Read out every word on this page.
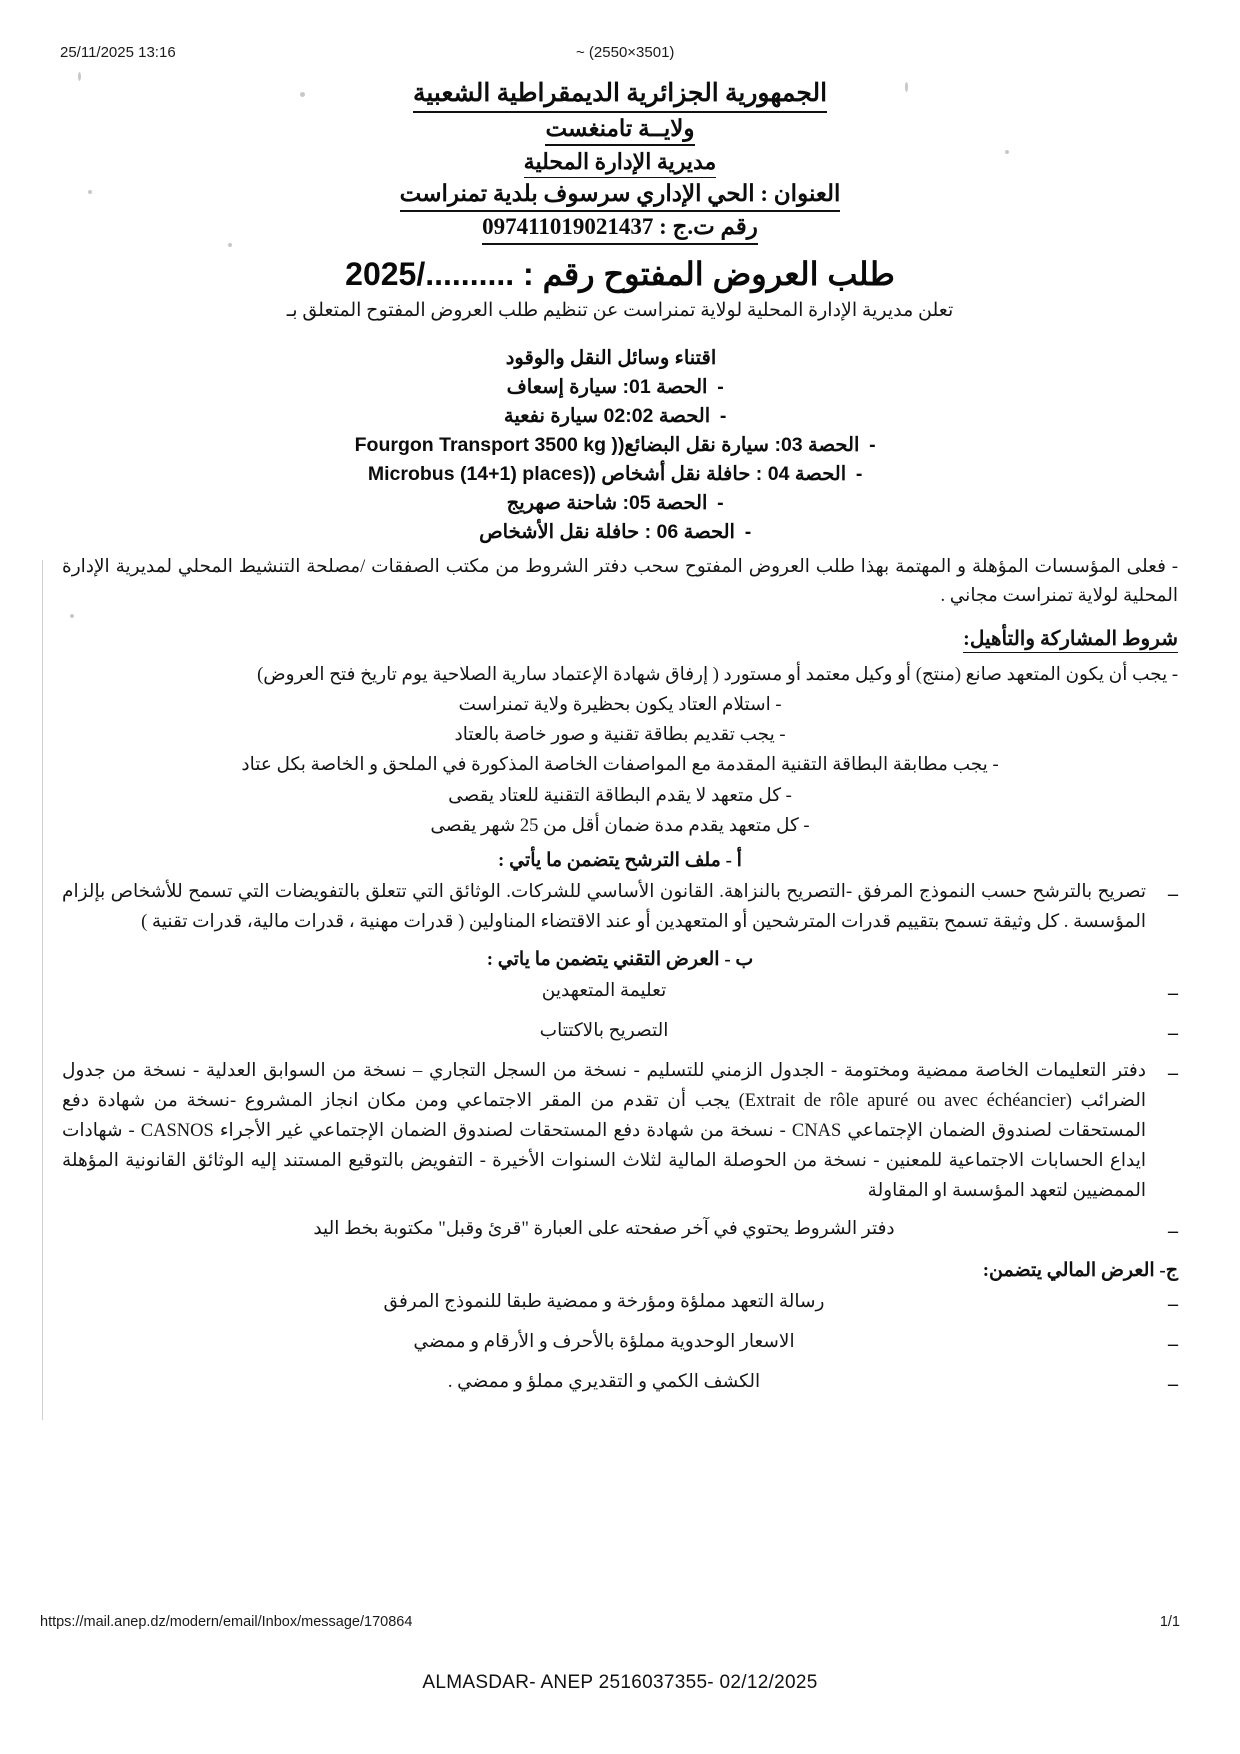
25/11/2025 13:16	~ (2550×3501)
الجمهورية الجزائرية الديمقراطية الشعبية
ولايــة تامنغست
مديرية الإدارة المحلية
العنوان : الحي الإداري سرسوف بلدية تمنراست
رقم ت.ج : 097411019021437
طلب العروض المفتوح رقم : ........../2025
تعلن مديرية الإدارة المحلية لولاية تمنراست عن تنظيم طلب العروض المفتوح المتعلق بـ
اقتناء وسائل النقل والوقود
-
الحصة 01: سيارة إسعاف
-
الحصة 02:02 سيارة نفعية
-
الحصة 03: سيارة نقل البضائع(
Fourgon Transport 3500 kg )
-
الحصة 04 : حافلة نقل أشخاص (
Microbus (14+1) places)
-
الحصة 05: شاحنة صهريج
-
الحصة 06 : حافلة نقل الأشخاص
- فعلى المؤسسات المؤهلة و المهتمة بهذا طلب العروض المفتوح سحب دفتر الشروط من مكتب الصفقات /مصلحة التنشيط المحلي لمديرية الإدارة المحلية لولاية تمنراست مجاني .
شروط المشاركة والتأهيل:
- يجب أن يكون المتعهد صانع (منتج) أو وكيل معتمد أو مستورد ( إرفاق شهادة الإعتماد سارية الصلاحية يوم تاريخ فتح العروض)
- استلام العتاد يكون بحظيرة ولاية تمنراست
- يجب تقديم بطاقة تقنية و صور خاصة بالعتاد
- يجب مطابقة البطاقة التقنية المقدمة مع المواصفات الخاصة المذكورة في الملحق و الخاصة بكل عتاد
- كل متعهد لا يقدم البطاقة التقنية للعتاد يقصى
- كل متعهد يقدم مدة ضمان أقل من 25 شهر يقصى
أ - ملف الترشح يتضمن ما يأتي :
–
تصريح بالترشح حسب النموذج المرفق -التصريح بالنزاهة. القانون الأساسي للشركات. الوثائق التي تتعلق بالتفويضات التي تسمح للأشخاص بإلزام المؤسسة . كل وثيقة تسمح بتقييم قدرات المترشحين أو المتعهدين أو عند الاقتضاء المناولين ( قدرات مهنية ، قدرات مالية، قدرات تقنية )
ب - العرض التقني يتضمن ما ياتي :
–
تعليمة المتعهدين
–
التصريح بالاكتتاب
–
دفتر التعليمات الخاصة ممضية ومختومة - الجدول الزمني للتسليم - نسخة من السجل التجاري – نسخة من السوابق العدلية - نسخة من جدول الضرائب (Extrait de rôle apuré ou avec échéancier) يجب أن تقدم من المقر الاجتماعي ومن مكان انجاز المشروع -نسخة من شهادة دفع المستحقات لصندوق الضمان الإجتماعي CNAS - نسخة من شهادة دفع المستحقات لصندوق الضمان الإجتماعي غير الأجراء CASNOS - شهادات ايداع الحسابات الاجتماعية للمعنين - نسخة من الحوصلة المالية لثلاث السنوات الأخيرة - التفويض بالتوقيع المستند إليه الوثائق القانونية المؤهلة الممضيين لتعهد المؤسسة او المقاولة
–
دفتر الشروط يحتوي في آخر صفحته على العبارة "قرئ وقبل" مكتوبة بخط اليد
ج- العرض المالي يتضمن:
–
رسالة التعهد مملؤة ومؤرخة و ممضية طبقا للنموذج المرفق
–
الاسعار الوحدوية مملؤة بالأحرف و الأرقام و ممضي
–
الكشف الكمي و التقديري مملؤ و ممضي .
https://mail.anep.dz/modern/email/Inbox/message/170864	1/1
ALMASDAR- ANEP 2516037355- 02/12/2025
